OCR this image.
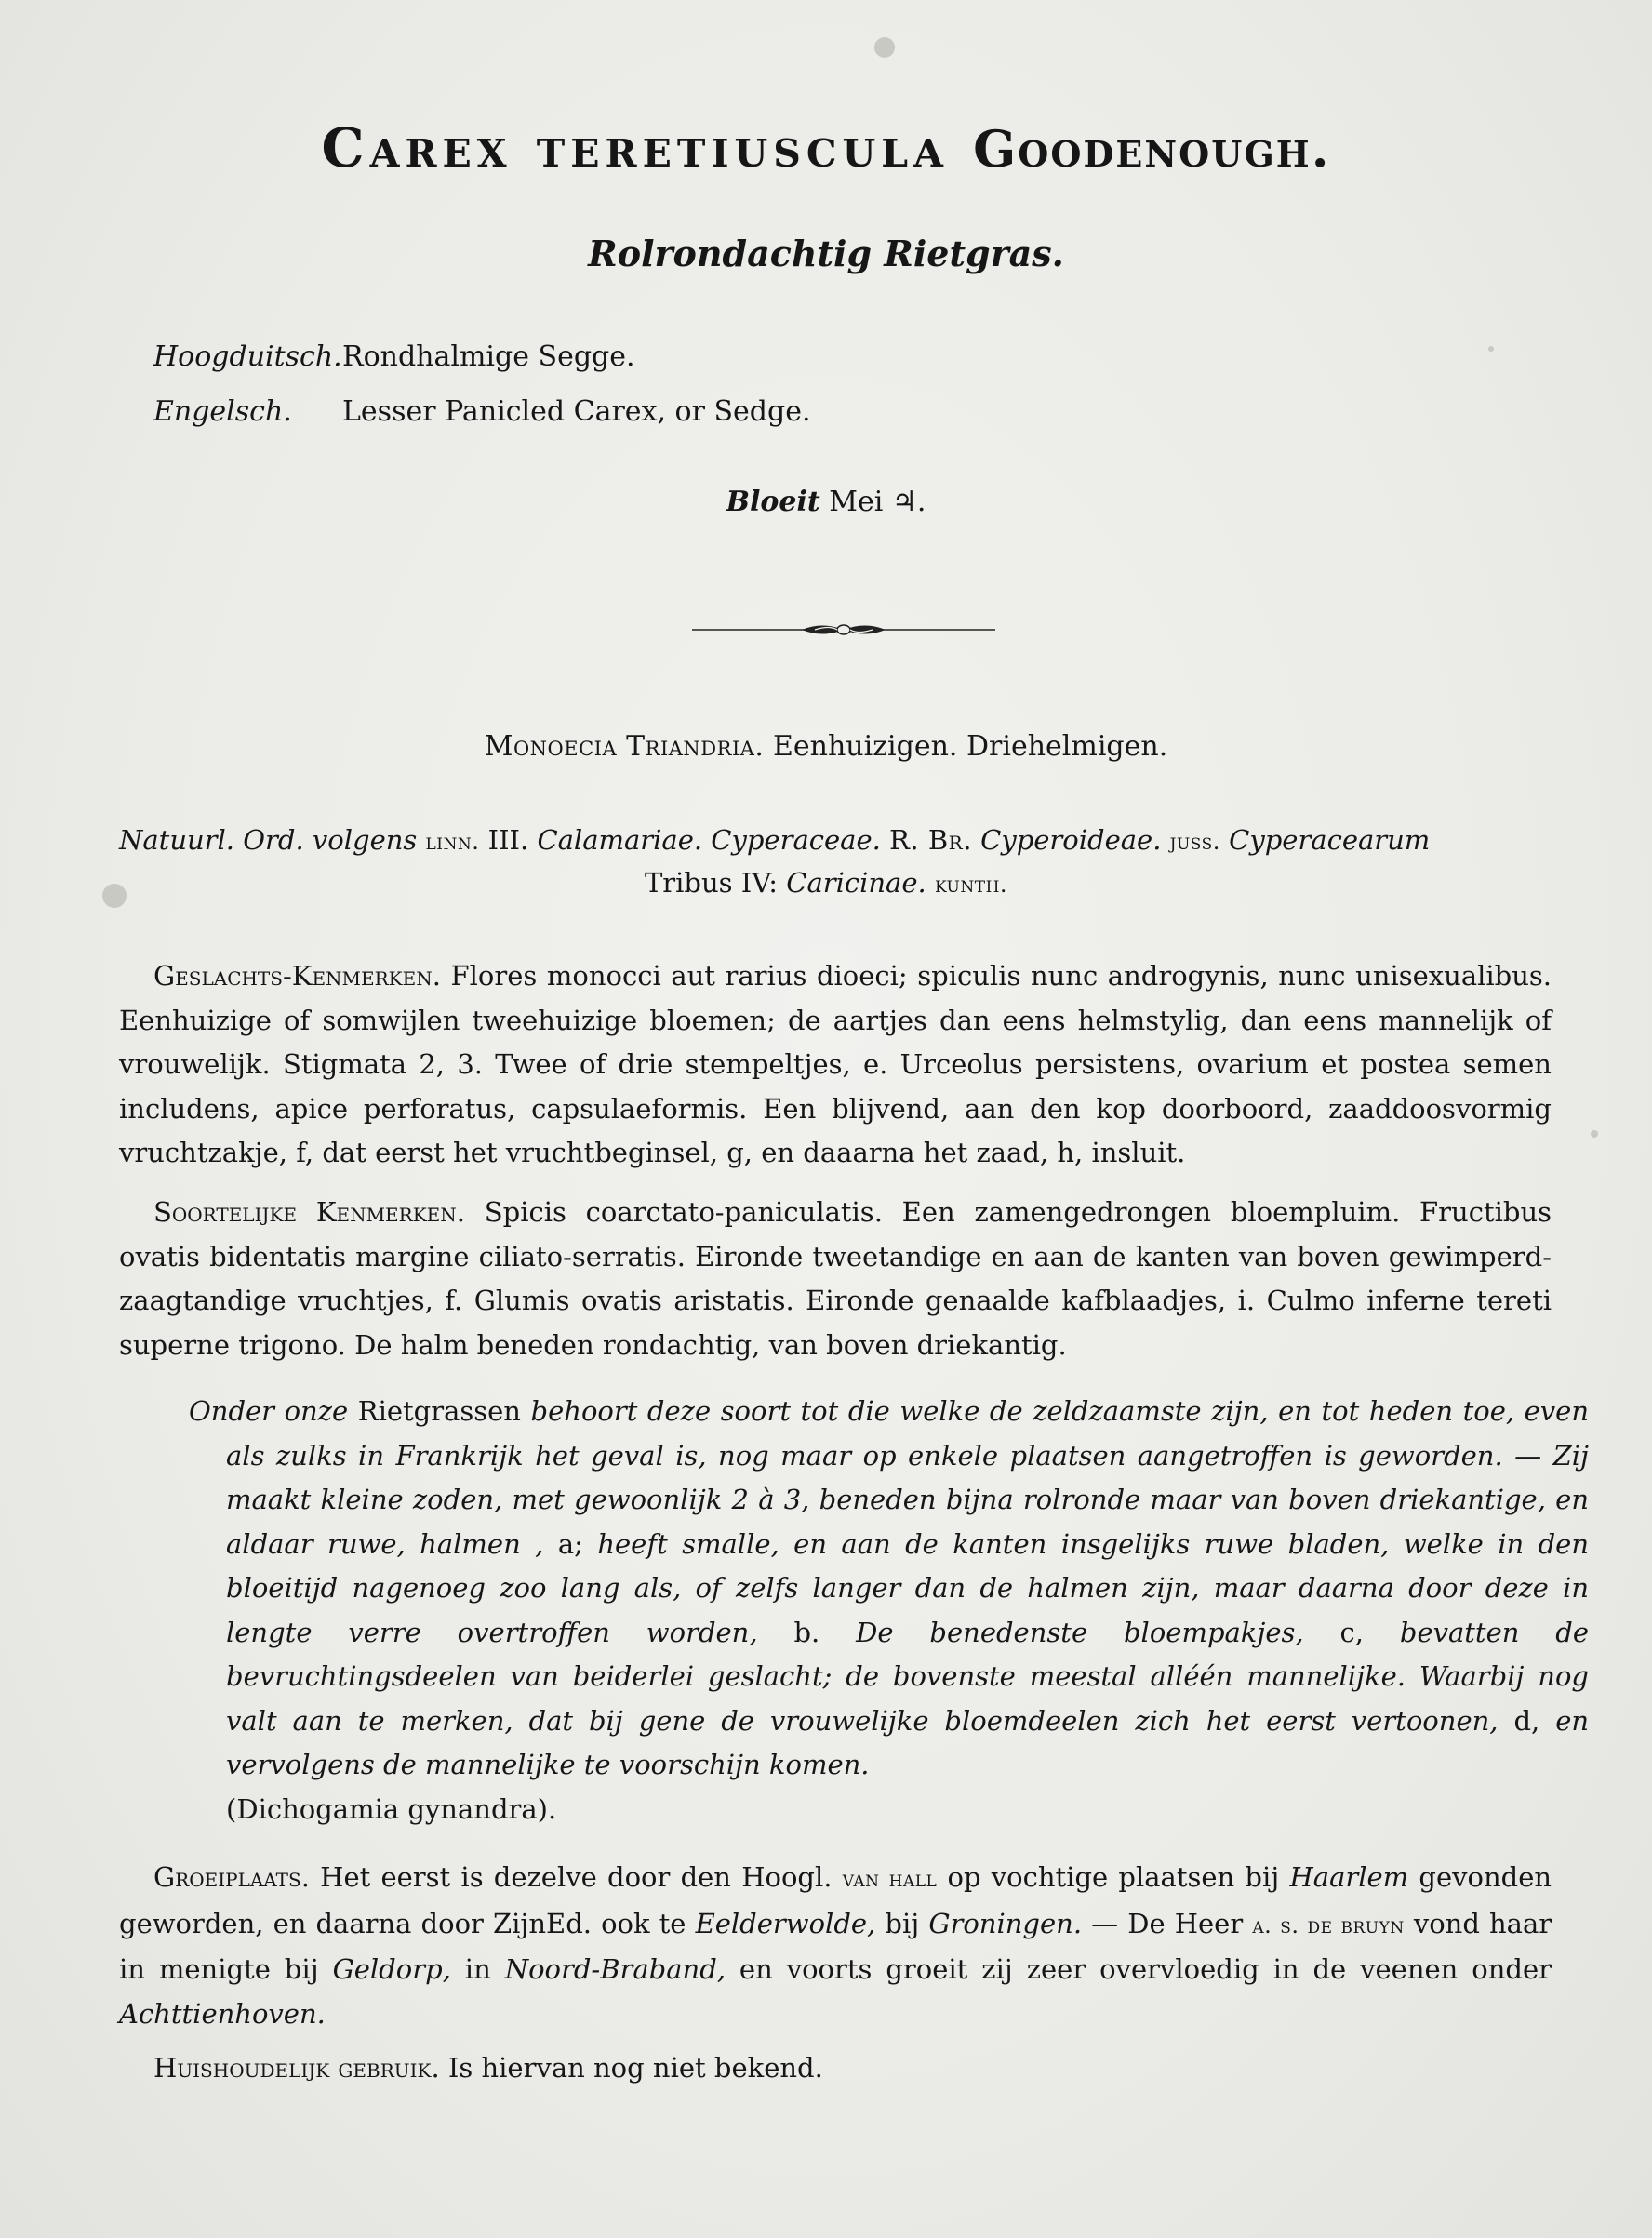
Carex teretiuscula Goodenough.
Rolrondachtig Rietgras.
Hoogduitsch.Rondhalmige Segge.
Engelsch. Lesser Panicled Carex, or Sedge.
Bloeit Mei ♃.
Monoecia Triandria. Eenhuizigen. Driehelmigen.
Natuurl. Ord. volgens linn. III. Calamariae. Cyperaceae. R. Br. Cyperoideae. juss. Cyperacearum
Tribus IV: Caricinae. kunth.
Geslachts-Kenmerken. Flores monocci aut rarius dioeci; spiculis nunc androgynis, nunc unisexualibus. Eenhuizige of somwijlen tweehuizige bloemen; de aartjes dan eens helmstylig, dan eens mannelijk of vrouwelijk. Stigmata 2, 3. Twee of drie stempeltjes, e. Urceolus persistens, ovarium et postea semen includens, apice perforatus, capsulaeformis. Een blijvend, aan den kop doorboord, zaaddoosvormig vruchtzakje, f, dat eerst het vruchtbeginsel, g, en daaarna het zaad, h, insluit.
Soortelijke Kenmerken. Spicis coarctato-paniculatis. Een zamengedrongen bloempluim. Fructibus ovatis bidentatis margine ciliato-serratis. Eironde tweetandige en aan de kanten van boven gewimperd-zaagtandige vruchtjes, f. Glumis ovatis aristatis. Eironde genaalde kafblaadjes, i. Culmo inferne tereti superne trigono. De halm beneden rondachtig, van boven driekantig.
Onder onze Rietgrassen behoort deze soort tot die welke de zeldzaamste zijn, en tot heden toe, even als zulks in Frankrijk het geval is, nog maar op enkele plaatsen aangetroffen is geworden. — Zij maakt kleine zoden, met gewoonlijk 2 à 3, beneden bijna rolronde maar van boven driekantige, en aldaar ruwe, halmen , a; heeft smalle, en aan de kanten insgelijks ruwe bladen, welke in den bloeitijd nagenoeg zoo lang als, of zelfs langer dan de halmen zijn, maar daarna door deze in lengte verre overtroffen worden, b. De benedenste bloempakjes, c, bevatten de bevruchtingsdeelen van beiderlei geslacht; de bovenste meestal alléén mannelijke. Waarbij nog valt aan te merken, dat bij gene de vrouwelijke bloemdeelen zich het eerst vertoonen, d, en vervolgens de mannelijke te voorschijn komen.
(Dichogamia gynandra).
Groeiplaats. Het eerst is dezelve door den Hoogl. van hall op vochtige plaatsen bij Haarlem gevonden geworden, en daarna door ZijnEd. ook te Eelderwolde, bij Groningen. — De Heer a. s. de bruyn vond haar in menigte bij Geldorp, in Noord-Braband, en voorts groeit zij zeer overvloedig in de veenen onder Achttienhoven.
Huishoudelijk gebruik. Is hiervan nog niet bekend.
